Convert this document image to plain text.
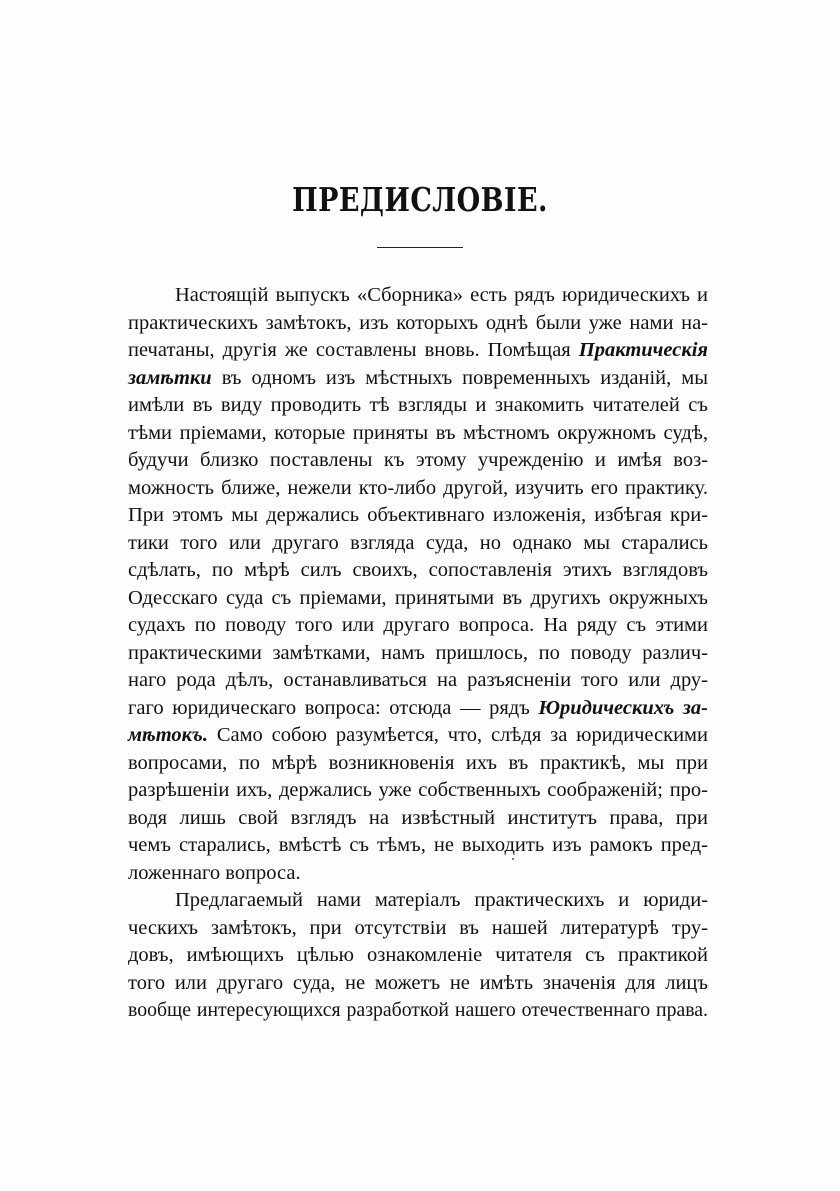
ПРЕДИСЛОВІЕ.
Настоящій выпускъ «Сборника» есть рядъ юридическихъ и
практическихъ замѣтокъ, изъ которыхъ однѣ были уже нами на-
печатаны, другія же составлены вновь. Помѣщая Практическія
замѣтки въ одномъ изъ мѣстныхъ повременныхъ изданій, мы
имѣли въ виду проводить тѣ взгляды и знакомить читателей съ
тѣми пріемами, которые приняты въ мѣстномъ окружномъ судѣ,
будучи близко поставлены къ этому учрежденію и имѣя воз-
можность ближе, нежели кто-либо другой, изучить его практику.
При этомъ мы держались объективнаго изложенія, избѣгая кри-
тики того или другаго взгляда суда, но однако мы старались
сдѣлать, по мѣрѣ силъ своихъ, сопоставленія этихъ взглядовъ
Одесскаго суда съ пріемами, принятыми въ другихъ окружныхъ
судахъ по поводу того или другаго вопроса. На ряду съ этими
практическими замѣтками, намъ пришлось, по поводу различ-
наго рода дѣлъ, останавливаться на разъясненіи того или дру-
гаго юридическаго вопроса: отсюда — рядъ Юридическихъ за-
мѣтокъ. Само собою разумѣется, что, слѣдя за юридическими
вопросами, по мѣрѣ возникновенія ихъ въ практикѣ, мы при
разрѣшеніи ихъ, держались уже собственныхъ соображеній; про-
водя лишь свой взглядъ на извѣстный институтъ права, при
чемъ старались, вмѣстѣ съ тѣмъ, не выходить изъ рамокъ пред-
ложеннаго вопроса.
Предлагаемый нами матеріалъ практическихъ и юриди-
ческихъ замѣтокъ, при отсутствіи въ нашей литературѣ тру-
довъ, имѣющихъ цѣлью ознакомленіе читателя съ практикой
того или другаго суда, не можетъ не имѣть значенія для лицъ
вообще интересующихся разработкой нашего отечественнаго права.
